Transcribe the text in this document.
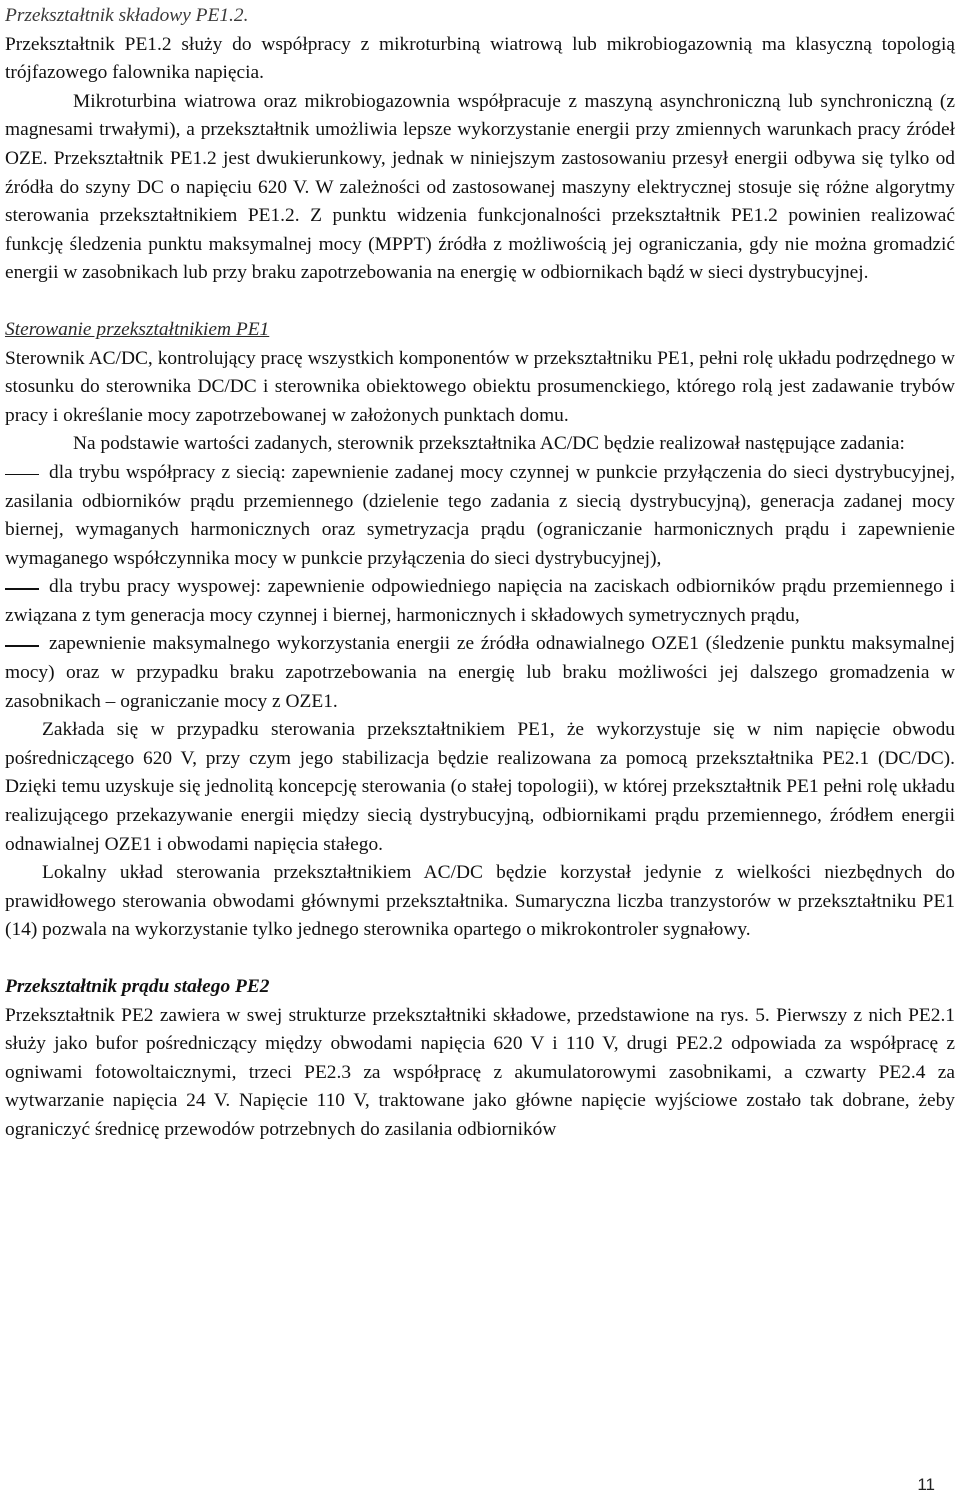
Przekształtnik składowy PE1.2.

Przekształtnik PE1.2 służy do współpracy z mikroturbiną wiatrową lub mikrobiogazownią ma klasyczną topologią trójfazowego falownika napięcia.

Mikroturbina wiatrowa oraz mikrobiogazownia współpracuje z maszyną asynchroniczną lub synchroniczną (z magnesami trwałymi), a przekształtnik umożliwia lepsze wykorzystanie energii przy zmiennych warunkach pracy źródeł OZE. Przekształtnik PE1.2 jest dwukierunkowy, jednak w niniejszym zastosowaniu przesył energii odbywa się tylko od źródła do szyny DC o napięciu 620 V. W zależności od zastosowanej maszyny elektrycznej stosuje się różne algorytmy sterowania przekształtnikiem PE1.2. Z punktu widzenia funkcjonalności przekształtnik PE1.2 powinien realizować funkcję śledzenia punktu maksymalnej mocy (MPPT) źródła z możliwością jej ograniczania, gdy nie można gromadzić energii w zasobnikach lub przy braku zapotrzebowania na energię w odbiornikach bądź w sieci dystrybucyjnej.

Sterowanie przekształtnikiem PE1

Sterownik AC/DC, kontrolujący pracę wszystkich komponentów w przekształtniku PE1, pełni rolę układu podrzędnego w stosunku do sterownika DC/DC i sterownika obiektowego obiektu prosumenckiego, którego rolą jest zadawanie trybów pracy i określanie mocy zapotrzebowanej w założonych punktach domu.

Na podstawie wartości zadanych, sterownik przekształtnika AC/DC będzie realizował następujące zadania:

dla trybu współpracy z siecią: zapewnienie zadanej mocy czynnej w punkcie przyłączenia do sieci dystrybucyjnej, zasilania odbiorników prądu przemiennego (dzielenie tego zadania z siecią dystrybucyjną), generacja zadanej mocy biernej, wymaganych harmonicznych oraz symetryzacja prądu (ograniczanie harmonicznych prądu i zapewnienie wymaganego współczynnika mocy w punkcie przyłączenia do sieci dystrybucyjnej),

dla trybu pracy wyspowej: zapewnienie odpowiedniego napięcia na zaciskach odbiorników prądu przemiennego i związana z tym generacja mocy czynnej i biernej, harmonicznych i składowych symetrycznych prądu,

zapewnienie maksymalnego wykorzystania energii ze źródła odnawialnego OZE1 (śledzenie punktu maksymalnej mocy) oraz w przypadku braku zapotrzebowania na energię lub braku możliwości jej dalszego gromadzenia w zasobnikach – ograniczanie mocy z OZE1.

Zakłada się w przypadku sterowania przekształtnikiem PE1, że wykorzystuje się w nim napięcie obwodu pośredniczącego 620 V, przy czym jego stabilizacja będzie realizowana za pomocą przekształtnika PE2.1 (DC/DC). Dzięki temu uzyskuje się jednolitą koncepcję sterowania (o stałej topologii), w której przekształtnik PE1 pełni rolę układu realizującego przekazywanie energii między siecią dystrybucyjną, odbiornikami prądu przemiennego, źródłem energii odnawialnej OZE1 i obwodami napięcia stałego.

Lokalny układ sterowania przekształtnikiem AC/DC będzie korzystał jedynie z wielkości niezbędnych do prawidłowego sterowania obwodami głównymi przekształtnika. Sumaryczna liczba tranzystorów w przekształtniku PE1 (14) pozwala na wykorzystanie tylko jednego sterownika opartego o mikrokontroler sygnałowy.

Przekształtnik prądu stałego PE2

Przekształtnik PE2 zawiera w swej strukturze przekształtniki składowe, przedstawione na rys. 5. Pierwszy z nich PE2.1 służy jako bufor pośredniczący między obwodami napięcia 620 V i 110 V, drugi PE2.2 odpowiada za współpracę z ogniwami fotowoltaicznymi, trzeci PE2.3 za współpracę z akumulatorowymi zasobnikami, a czwarty PE2.4 za wytwarzanie napięcia 24 V. Napięcie 110 V, traktowane jako główne napięcie wyjściowe zostało tak dobrane, żeby ograniczyć średnicę przewodów potrzebnych do zasilania odbiorników

11
